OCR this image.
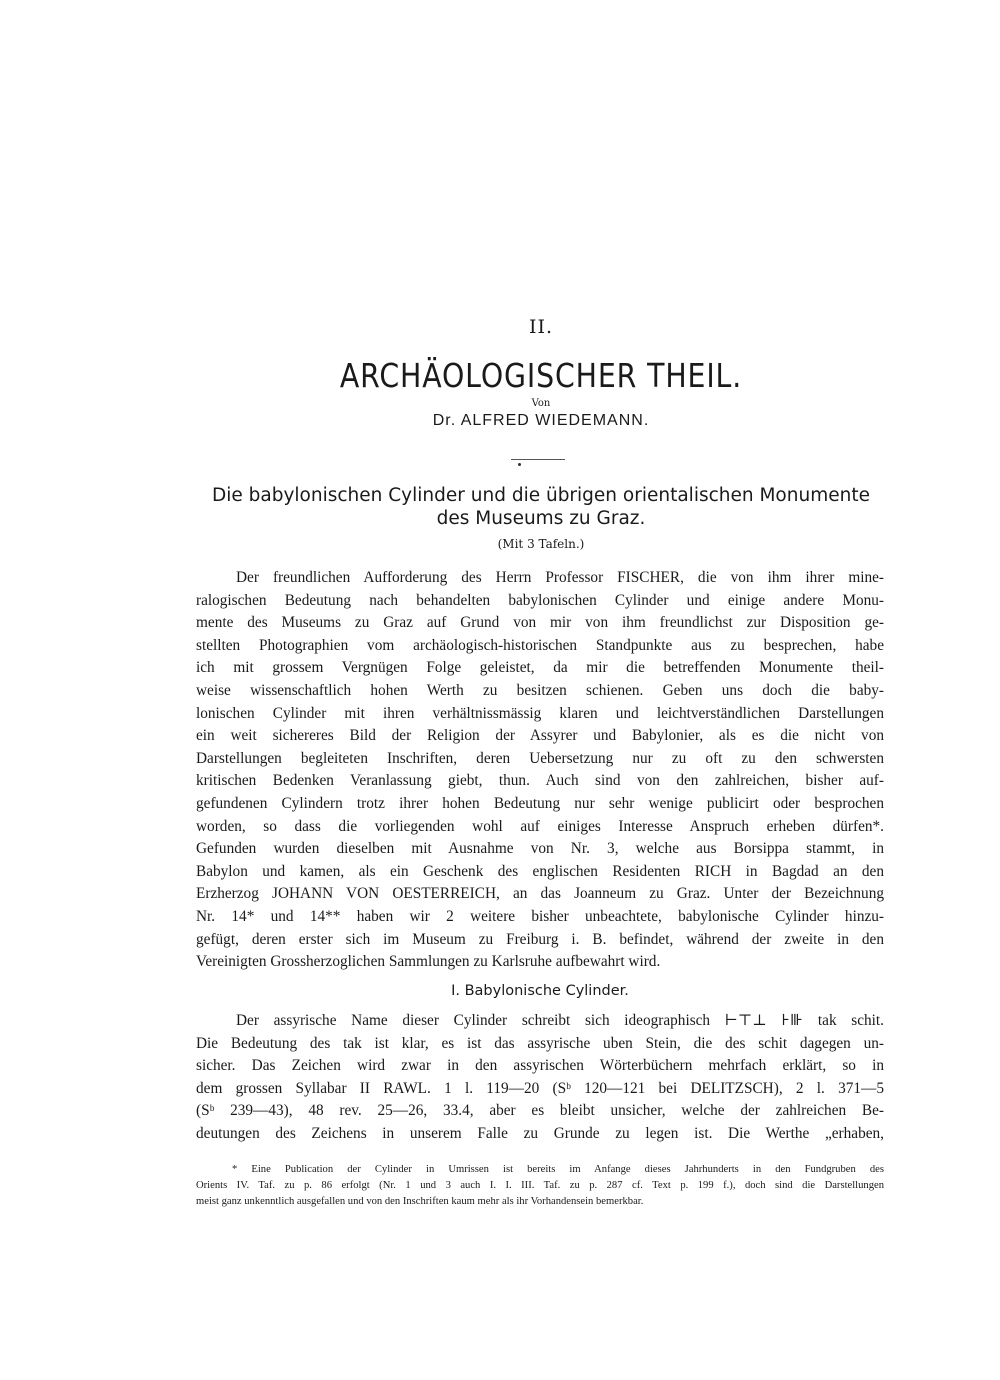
II.
ARCHÄOLOGISCHER THEIL.
Von
Dr. ALFRED WIEDEMANN.
Die babylonischen Cylinder und die übrigen orientalischen Monumente
des Museums zu Graz.
(Mit 3 Tafeln.)
Der freundlichen Aufforderung des Herrn Professor FISCHER, die von ihm ihrer mine-
ralogischen Bedeutung nach behandelten babylonischen Cylinder und einige andere Monu-
mente des Museums zu Graz auf Grund von mir von ihm freundlichst zur Disposition ge-
stellten Photographien vom archäologisch-historischen Standpunkte aus zu besprechen, habe
ich mit grossem Vergnügen Folge geleistet, da mir die betreffenden Monumente theil-
weise wissenschaftlich hohen Werth zu besitzen schienen. Geben uns doch die baby-
lonischen Cylinder mit ihren verhältnissmässig klaren und leichtverständlichen Darstellungen
ein weit sichereres Bild der Religion der Assyrer und Babylonier, als es die nicht von
Darstellungen begleiteten Inschriften, deren Uebersetzung nur zu oft zu den schwersten
kritischen Bedenken Veranlassung giebt, thun. Auch sind von den zahlreichen, bisher auf-
gefundenen Cylindern trotz ihrer hohen Bedeutung nur sehr wenige publicirt oder besprochen
worden, so dass die vorliegenden wohl auf einiges Interesse Anspruch erheben dürfen*.
Gefunden wurden dieselben mit Ausnahme von Nr. 3, welche aus Borsippa stammt, in
Babylon und kamen, als ein Geschenk des englischen Residenten RICH in Bagdad an den
Erzherzog JOHANN VON OESTERREICH, an das Joanneum zu Graz. Unter der Bezeichnung
Nr. 14* und 14** haben wir 2 weitere bisher unbeachtete, babylonische Cylinder hinzu-
gefügt, deren erster sich im Museum zu Freiburg i. B. befindet, während der zweite in den
Vereinigten Grossherzoglichen Sammlungen zu Karlsruhe aufbewahrt wird.
I. Babylonische Cylinder.
Der assyrische Name dieser Cylinder schreibt sich ideographisch ⊢⊤⊥ ⊦⊪ tak schit.
Die Bedeutung des tak ist klar, es ist das assyrische uben Stein, die des schit dagegen un-
sicher. Das Zeichen wird zwar in den assyrischen Wörterbüchern mehrfach erklärt, so in
dem grossen Syllabar II RAWL. 1 l. 119—20 (Sᵇ 120—121 bei DELITZSCH), 2 l. 371—5
(Sᵇ 239—43), 48 rev. 25—26, 33.4, aber es bleibt unsicher, welche der zahlreichen Be-
deutungen des Zeichens in unserem Falle zu Grunde zu legen ist. Die Werthe „erhaben,
* Eine Publication der Cylinder in Umrissen ist bereits im Anfange dieses Jahrhunderts in den Fundgruben des
Orients IV. Taf. zu p. 86 erfolgt (Nr. 1 und 3 auch I. I. III. Taf. zu p. 287 cf. Text p. 199 f.), doch sind die Darstellungen
meist ganz unkenntlich ausgefallen und von den Inschriften kaum mehr als ihr Vorhandensein bemerkbar.
